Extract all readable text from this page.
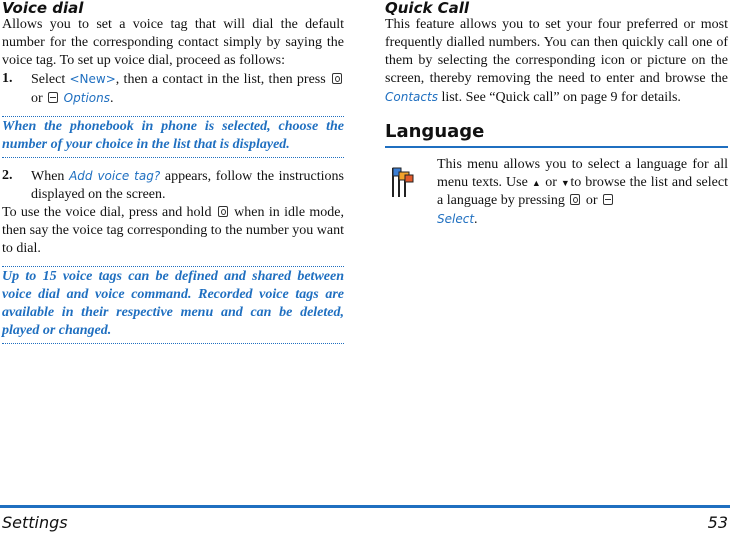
Voice dial

Allows you to set a voice tag that will dial the default number for the corresponding contact simply by saying the voice tag. To set up voice dial, proceed as follows:

1.	Select <New>, then a contact in the list, then press  or  Options.
When the phonebook in phone is selected, choose the number of your choice in the list that is displayed.
2.	When Add voice tag? appears, follow the instructions displayed on the screen.

To use the voice dial, press and hold  when in idle mode, then say the voice tag corresponding to the number you want to dial.

Up to 15 voice tags can be defined and shared between voice dial and voice command. Recorded voice tags are available in their respective menu and can be deleted, played or changed.
Quick Call

This feature allows you to set your four preferred or most frequently dialled numbers. You can then quickly call one of them by selecting the corresponding icon or picture on the screen, thereby removing the need to enter and browse the Contacts list. See “Quick call” on page 9 for details.

Language

This menu allows you to select a language for all menu texts. Use ▲ or ▼to browse the list and select a language by pressing  or
Select.

Settings	53
